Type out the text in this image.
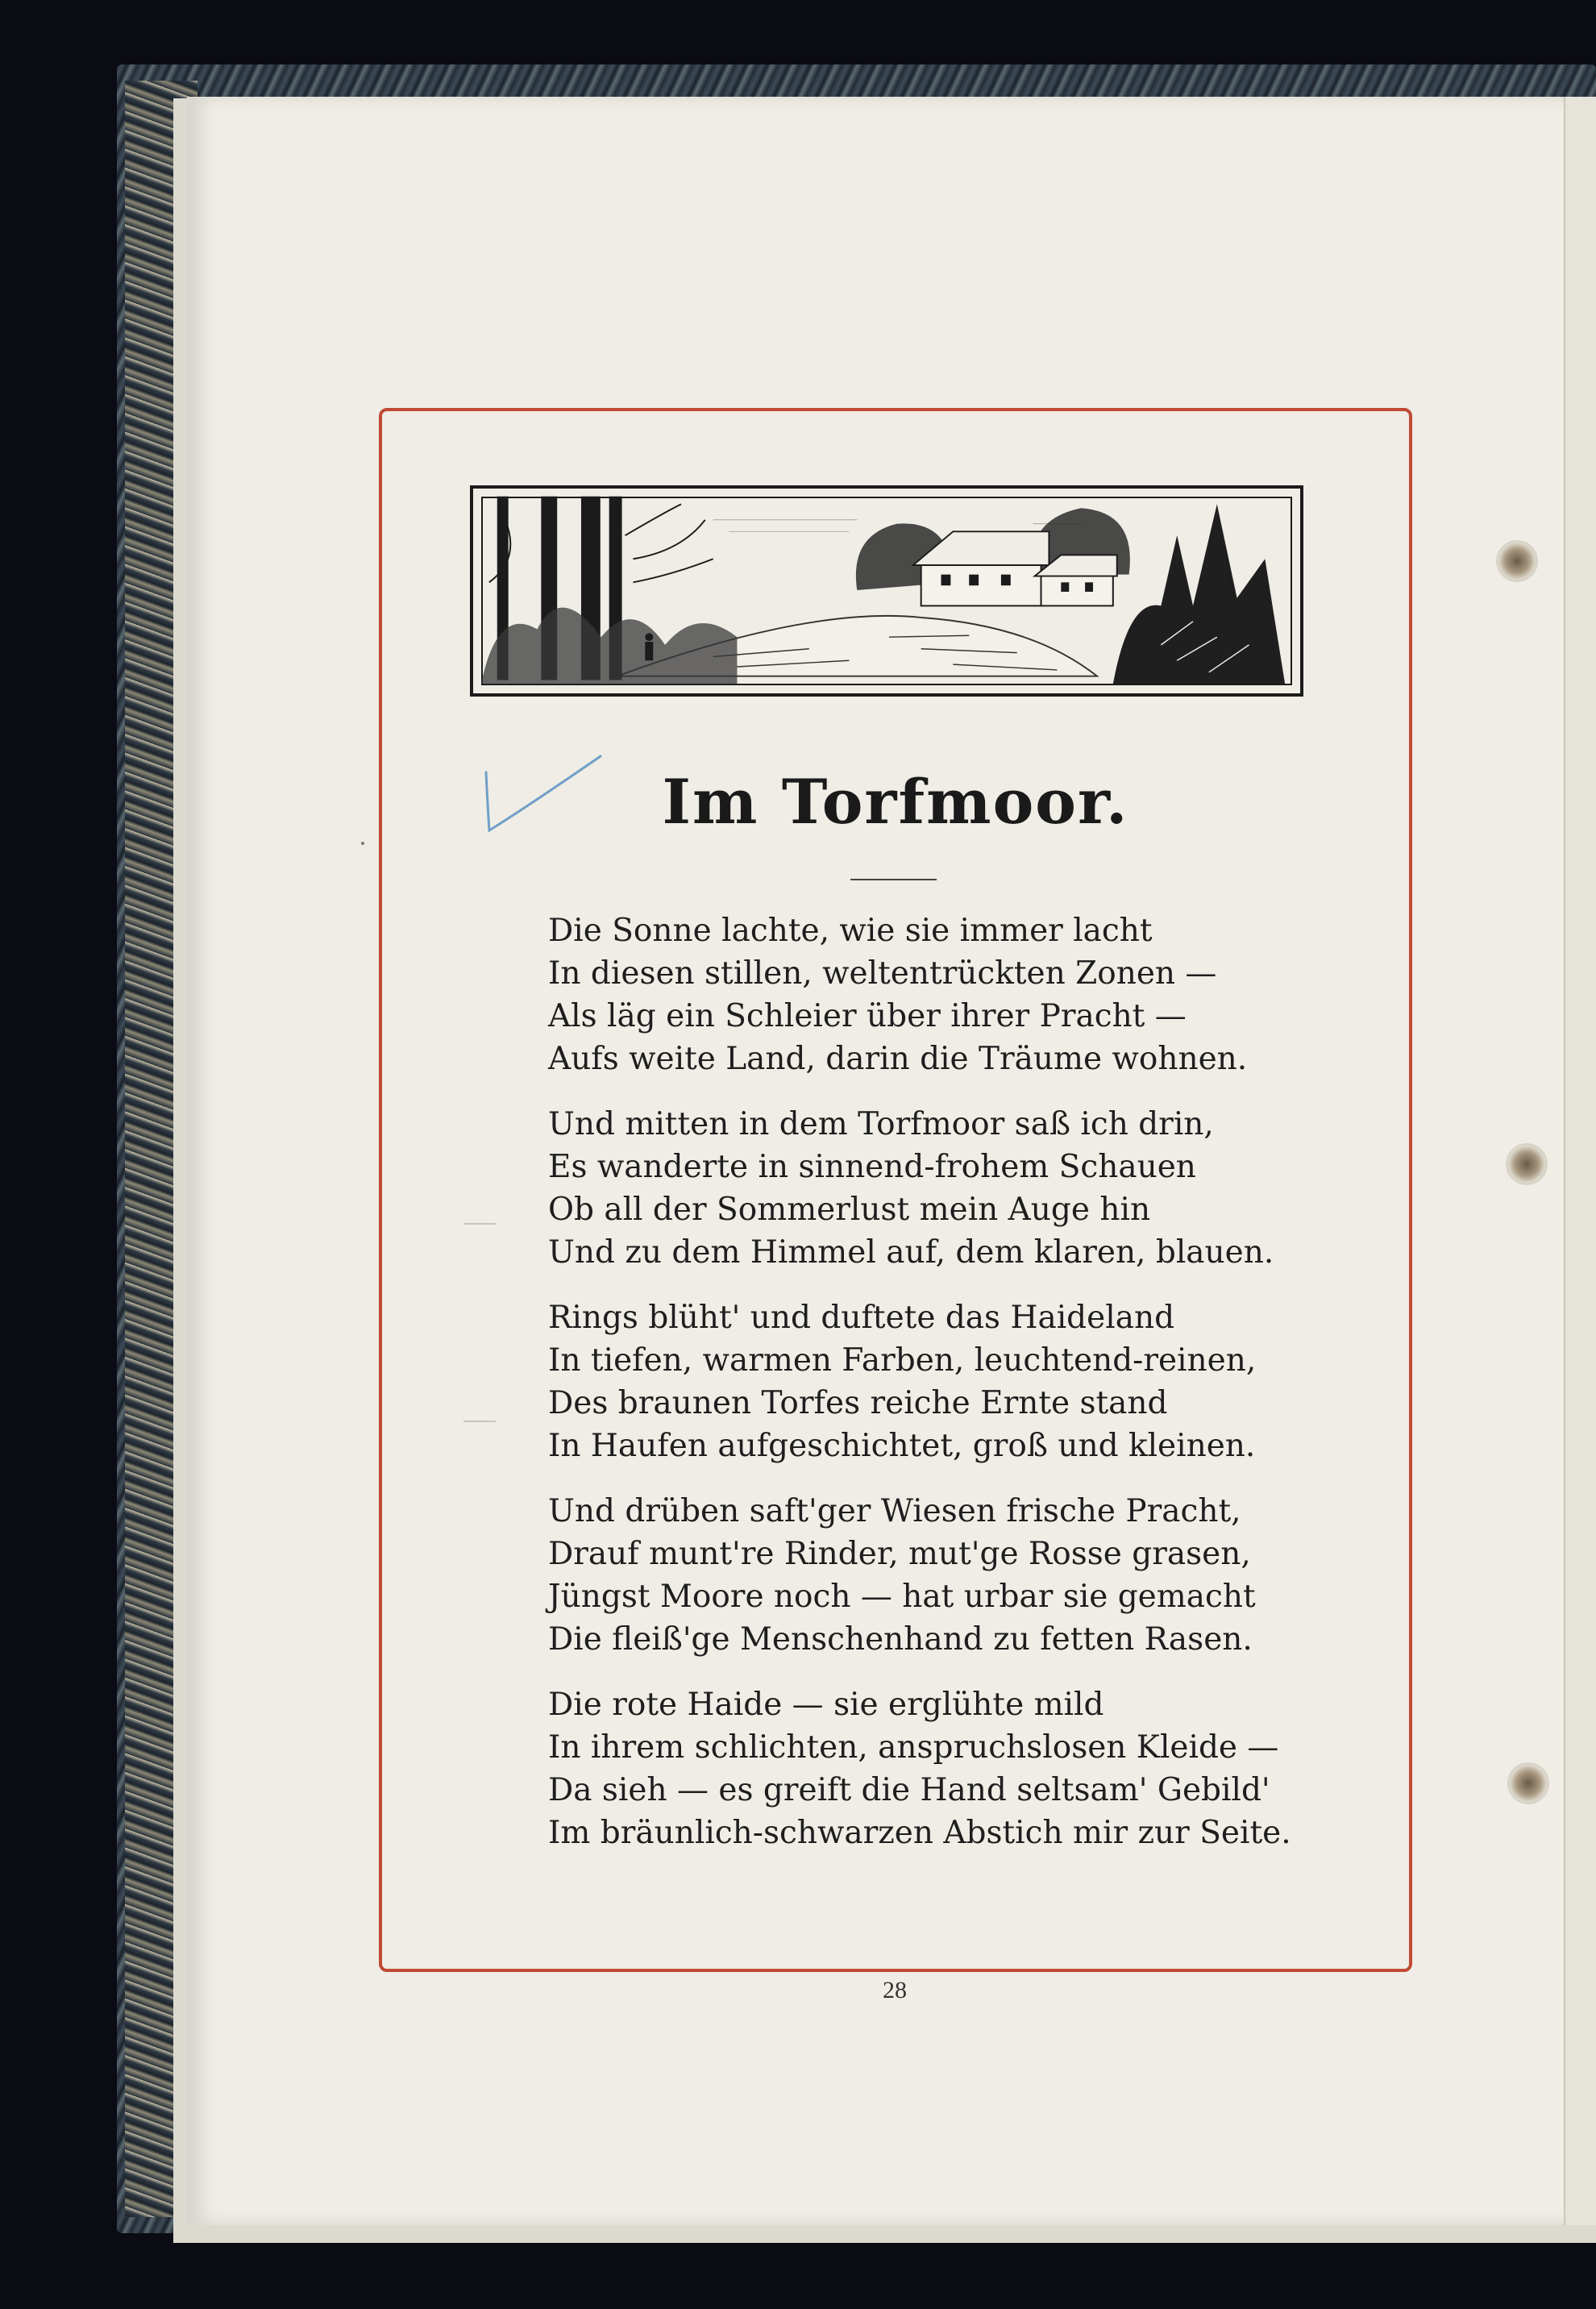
Im Torfmoor.
Die Sonne lachte, wie sie immer lacht
In diesen stillen, weltentrückten Zonen —
Als läg ein Schleier über ihrer Pracht —
Aufs weite Land, darin die Träume wohnen.
Und mitten in dem Torfmoor saß ich drin,
Es wanderte in sinnend-frohem Schauen
Ob all der Sommerlust mein Auge hin
Und zu dem Himmel auf, dem klaren, blauen.
Rings blüht' und duftete das Haideland
In tiefen, warmen Farben, leuchtend-reinen,
Des braunen Torfes reiche Ernte stand
In Haufen aufgeschichtet, groß und kleinen.
Und drüben saft'ger Wiesen frische Pracht,
Drauf munt're Rinder, mut'ge Rosse grasen,
Jüngst Moore noch — hat urbar sie gemacht
Die fleiß'ge Menschenhand zu fetten Rasen.
Die rote Haide — sie erglühte mild
In ihrem schlichten, anspruchslosen Kleide —
Da sieh — es greift die Hand seltsam' Gebild'
Im bräunlich-schwarzen Abstich mir zur Seite.
28
